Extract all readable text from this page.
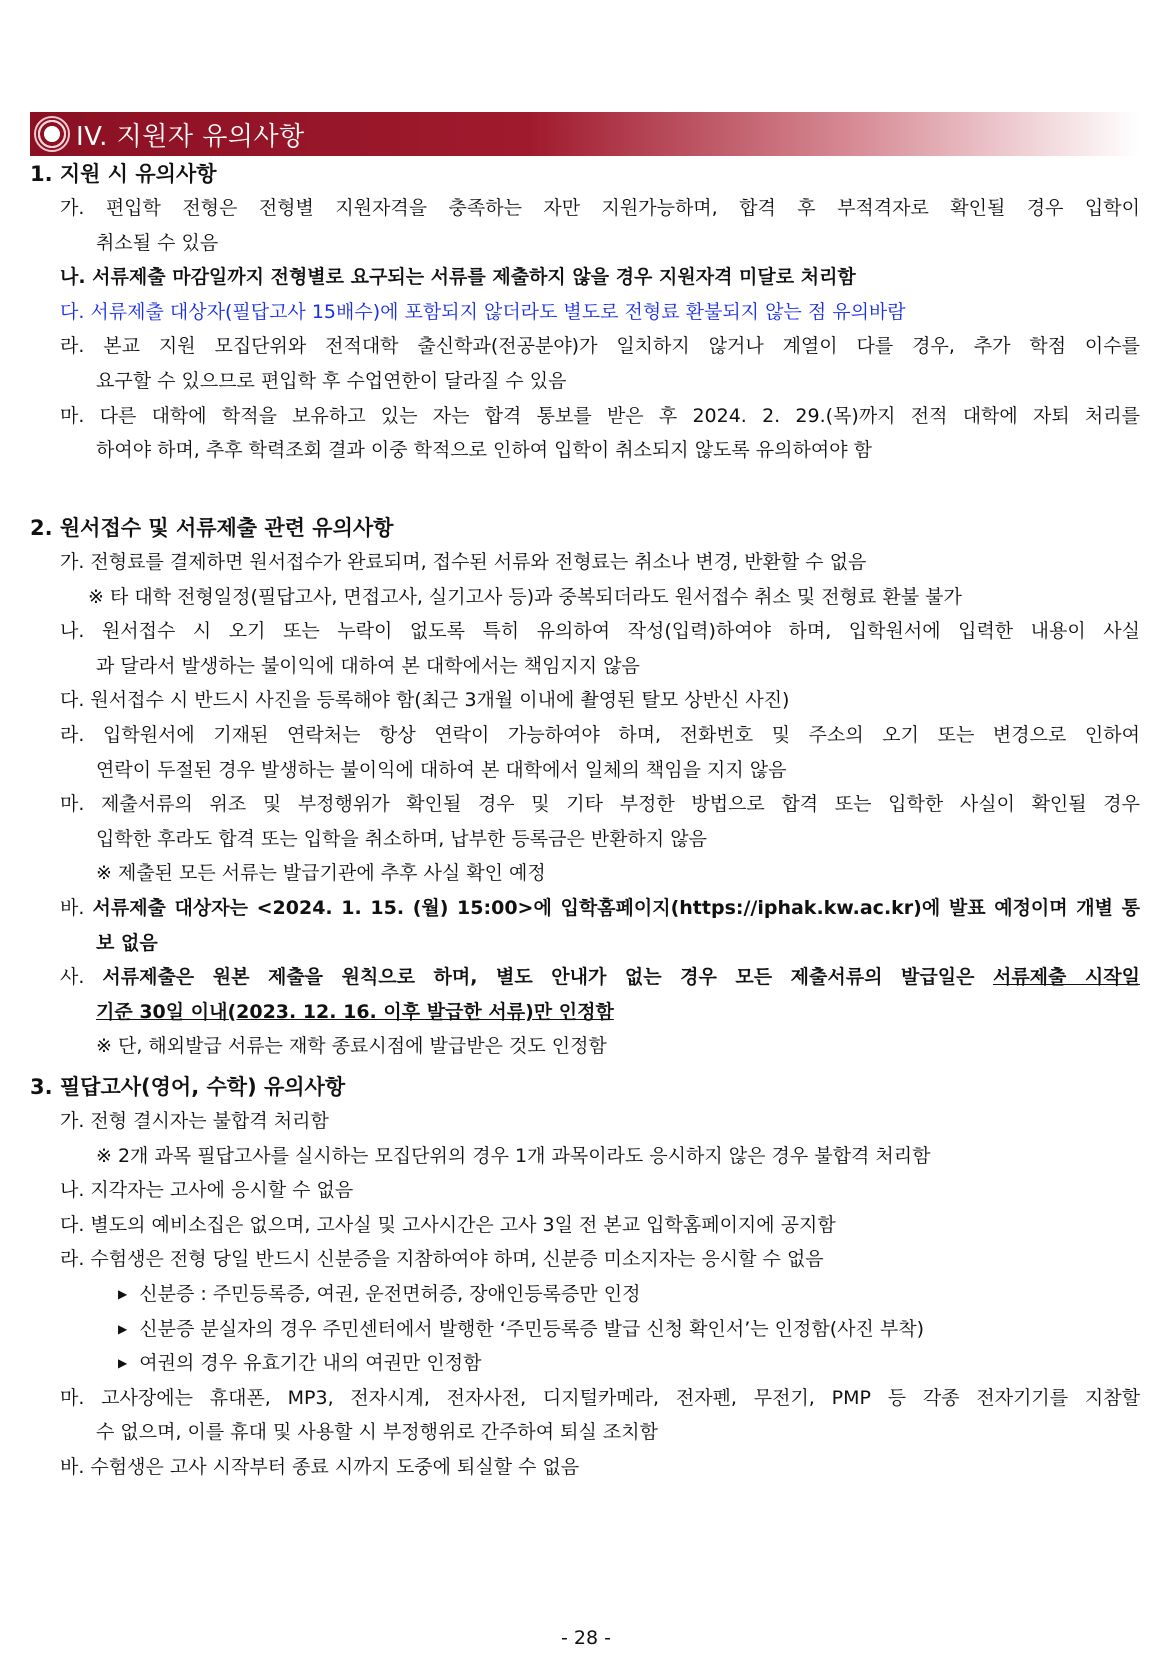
IV. 지원자 유의사항
1. 지원 시 유의사항
가. 편입학 전형은 전형별 지원자격을 충족하는 자만 지원가능하며, 합격 후 부적격자로 확인될 경우 입학이
취소될 수 있음
나. 서류제출 마감일까지 전형별로 요구되는 서류를 제출하지 않을 경우 지원자격 미달로 처리함
다. 서류제출 대상자(필답고사 15배수)에 포함되지 않더라도 별도로 전형료 환불되지 않는 점 유의바람
라. 본교 지원 모집단위와 전적대학 출신학과(전공분야)가 일치하지 않거나 계열이 다를 경우, 추가 학점 이수를
요구할 수 있으므로 편입학 후 수업연한이 달라질 수 있음
마. 다른 대학에 학적을 보유하고 있는 자는 합격 통보를 받은 후 2024. 2. 29.(목)까지 전적 대학에 자퇴 처리를
하여야 하며, 추후 학력조회 결과 이중 학적으로 인하여 입학이 취소되지 않도록 유의하여야 함
2. 원서접수 및 서류제출 관련 유의사항
가. 전형료를 결제하면 원서접수가 완료되며, 접수된 서류와 전형료는 취소나 변경, 반환할 수 없음
※ 타 대학 전형일정(필답고사, 면접고사, 실기고사 등)과 중복되더라도 원서접수 취소 및 전형료 환불 불가
나. 원서접수 시 오기 또는 누락이 없도록 특히 유의하여 작성(입력)하여야 하며, 입학원서에 입력한 내용이 사실
과 달라서 발생하는 불이익에 대하여 본 대학에서는 책임지지 않음
다. 원서접수 시 반드시 사진을 등록해야 함(최근 3개월 이내에 촬영된 탈모 상반신 사진)
라. 입학원서에 기재된 연락처는 항상 연락이 가능하여야 하며, 전화번호 및 주소의 오기 또는 변경으로 인하여
연락이 두절된 경우 발생하는 불이익에 대하여 본 대학에서 일체의 책임을 지지 않음
마. 제출서류의 위조 및 부정행위가 확인될 경우 및 기타 부정한 방법으로 합격 또는 입학한 사실이 확인될 경우
입학한 후라도 합격 또는 입학을 취소하며, 납부한 등록금은 반환하지 않음
※ 제출된 모든 서류는 발급기관에 추후 사실 확인 예정
바. 서류제출 대상자는 <2024. 1. 15. (월) 15:00>에 입학홈페이지(https://iphak.kw.ac.kr)에 발표 예정이며 개별 통
보 없음
사. 서류제출은 원본 제출을 원칙으로 하며, 별도 안내가 없는 경우 모든 제출서류의 발급일은 서류제출 시작일
기준 30일 이내(2023. 12. 16. 이후 발급한 서류)만 인정함
※ 단, 해외발급 서류는 재학 종료시점에 발급받은 것도 인정함
3. 필답고사(영어, 수학) 유의사항
가. 전형 결시자는 불합격 처리함
※ 2개 과목 필답고사를 실시하는 모집단위의 경우 1개 과목이라도 응시하지 않은 경우 불합격 처리함
나. 지각자는 고사에 응시할 수 없음
다. 별도의 예비소집은 없으며, 고사실 및 고사시간은 고사 3일 전 본교 입학홈페이지에 공지함
라. 수험생은 전형 당일 반드시 신분증을 지참하여야 하며, 신분증 미소지자는 응시할 수 없음
▶ 신분증 : 주민등록증, 여권, 운전면허증, 장애인등록증만 인정
▶ 신분증 분실자의 경우 주민센터에서 발행한 ‘주민등록증 발급 신청 확인서’는 인정함(사진 부착)
▶ 여권의 경우 유효기간 내의 여권만 인정함
마. 고사장에는 휴대폰, MP3, 전자시계, 전자사전, 디지털카메라, 전자펜, 무전기, PMP 등 각종 전자기기를 지참할
수 없으며, 이를 휴대 및 사용할 시 부정행위로 간주하여 퇴실 조치함
바. 수험생은 고사 시작부터 종료 시까지 도중에 퇴실할 수 없음
- 28 -
